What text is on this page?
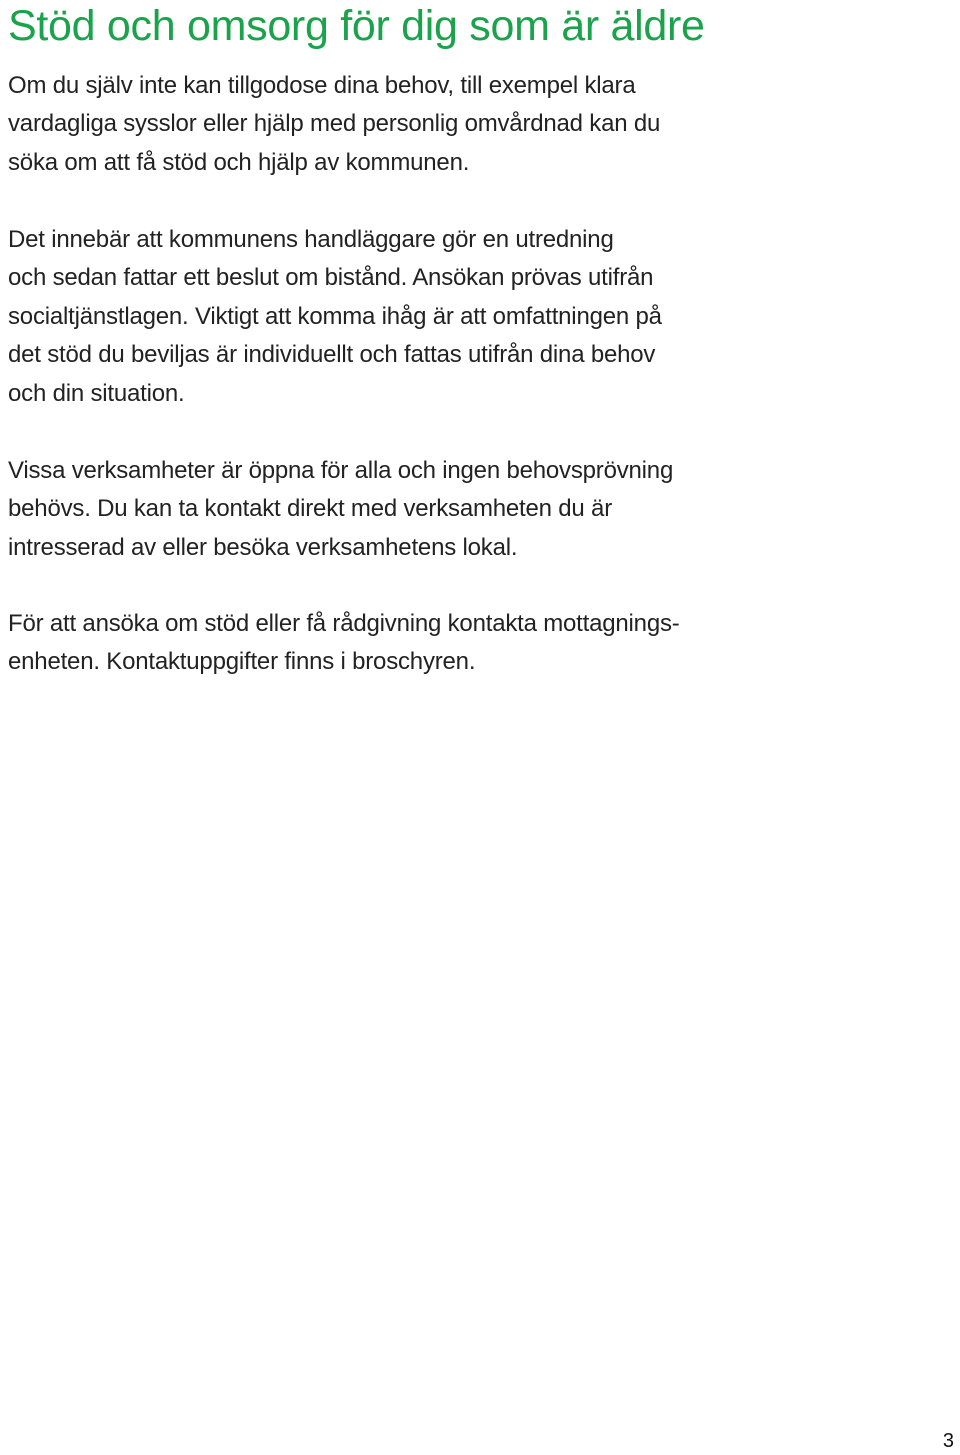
Stöd och omsorg för dig som är äldre

Om du själv inte kan tillgodose dina behov, till exempel klara
vardagliga sysslor eller hjälp med personlig omvårdnad kan du
söka om att få stöd och hjälp av kommunen.

Det innebär att kommunens handläggare gör en utredning
och sedan fattar ett beslut om bistånd. Ansökan prövas utifrån
socialtjänstlagen. Viktigt att komma ihåg är att omfattningen på
det stöd du beviljas är individuellt och fattas utifrån dina behov
och din situation.

Vissa verksamheter är öppna för alla och ingen behovsprövning
behövs. Du kan ta kontakt direkt med verksamheten du är
intresserad av eller besöka verksamhetens lokal.

För att ansöka om stöd eller få rådgivning kontakta mottagnings-
enheten. Kontaktuppgifter finns i broschyren.

3
